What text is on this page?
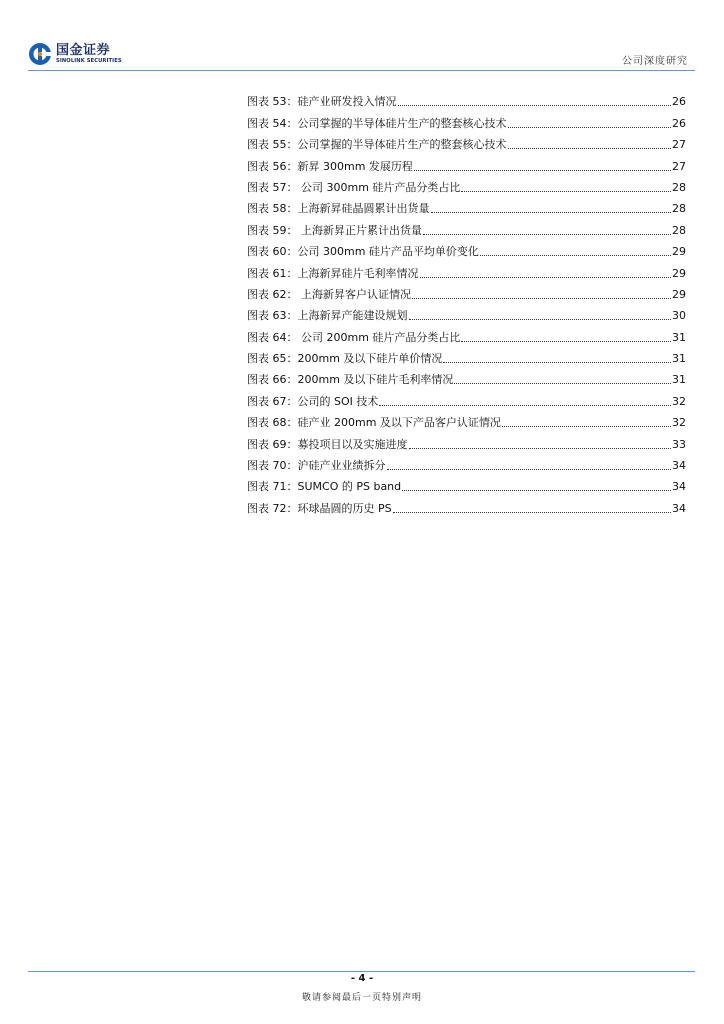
国金证券
SINOLINK SECURITIES	公司深度研究
图表 53：硅产业研发投入情况	26
图表 54：公司掌握的半导体硅片生产的整套核心技术	26
图表 55：公司掌握的半导体硅片生产的整套核心技术	27
图表 56：新昇 300mm 发展历程	27
图表 57： 公司 300mm 硅片产品分类占比	28
图表 58：上海新昇硅晶圆累计出货量	28
图表 59： 上海新昇正片累计出货量	28
图表 60：公司 300mm 硅片产品平均单价变化	29
图表 61：上海新昇硅片毛利率情况	29
图表 62： 上海新昇客户认证情况	29
图表 63：上海新昇产能建设规划	30
图表 64： 公司 200mm 硅片产品分类占比	31
图表 65：200mm 及以下硅片单价情况	31
图表 66：200mm 及以下硅片毛利率情况	31
图表 67：公司的 SOI 技术	32
图表 68：硅产业 200mm 及以下产品客户认证情况	32
图表 69：募投项目以及实施进度	33
图表 70：沪硅产业业绩拆分	34
图表 71：SUMCO 的 PS band	34
图表 72：环球晶圆的历史 PS	34
- 4 -
敬请参阅最后一页特别声明
